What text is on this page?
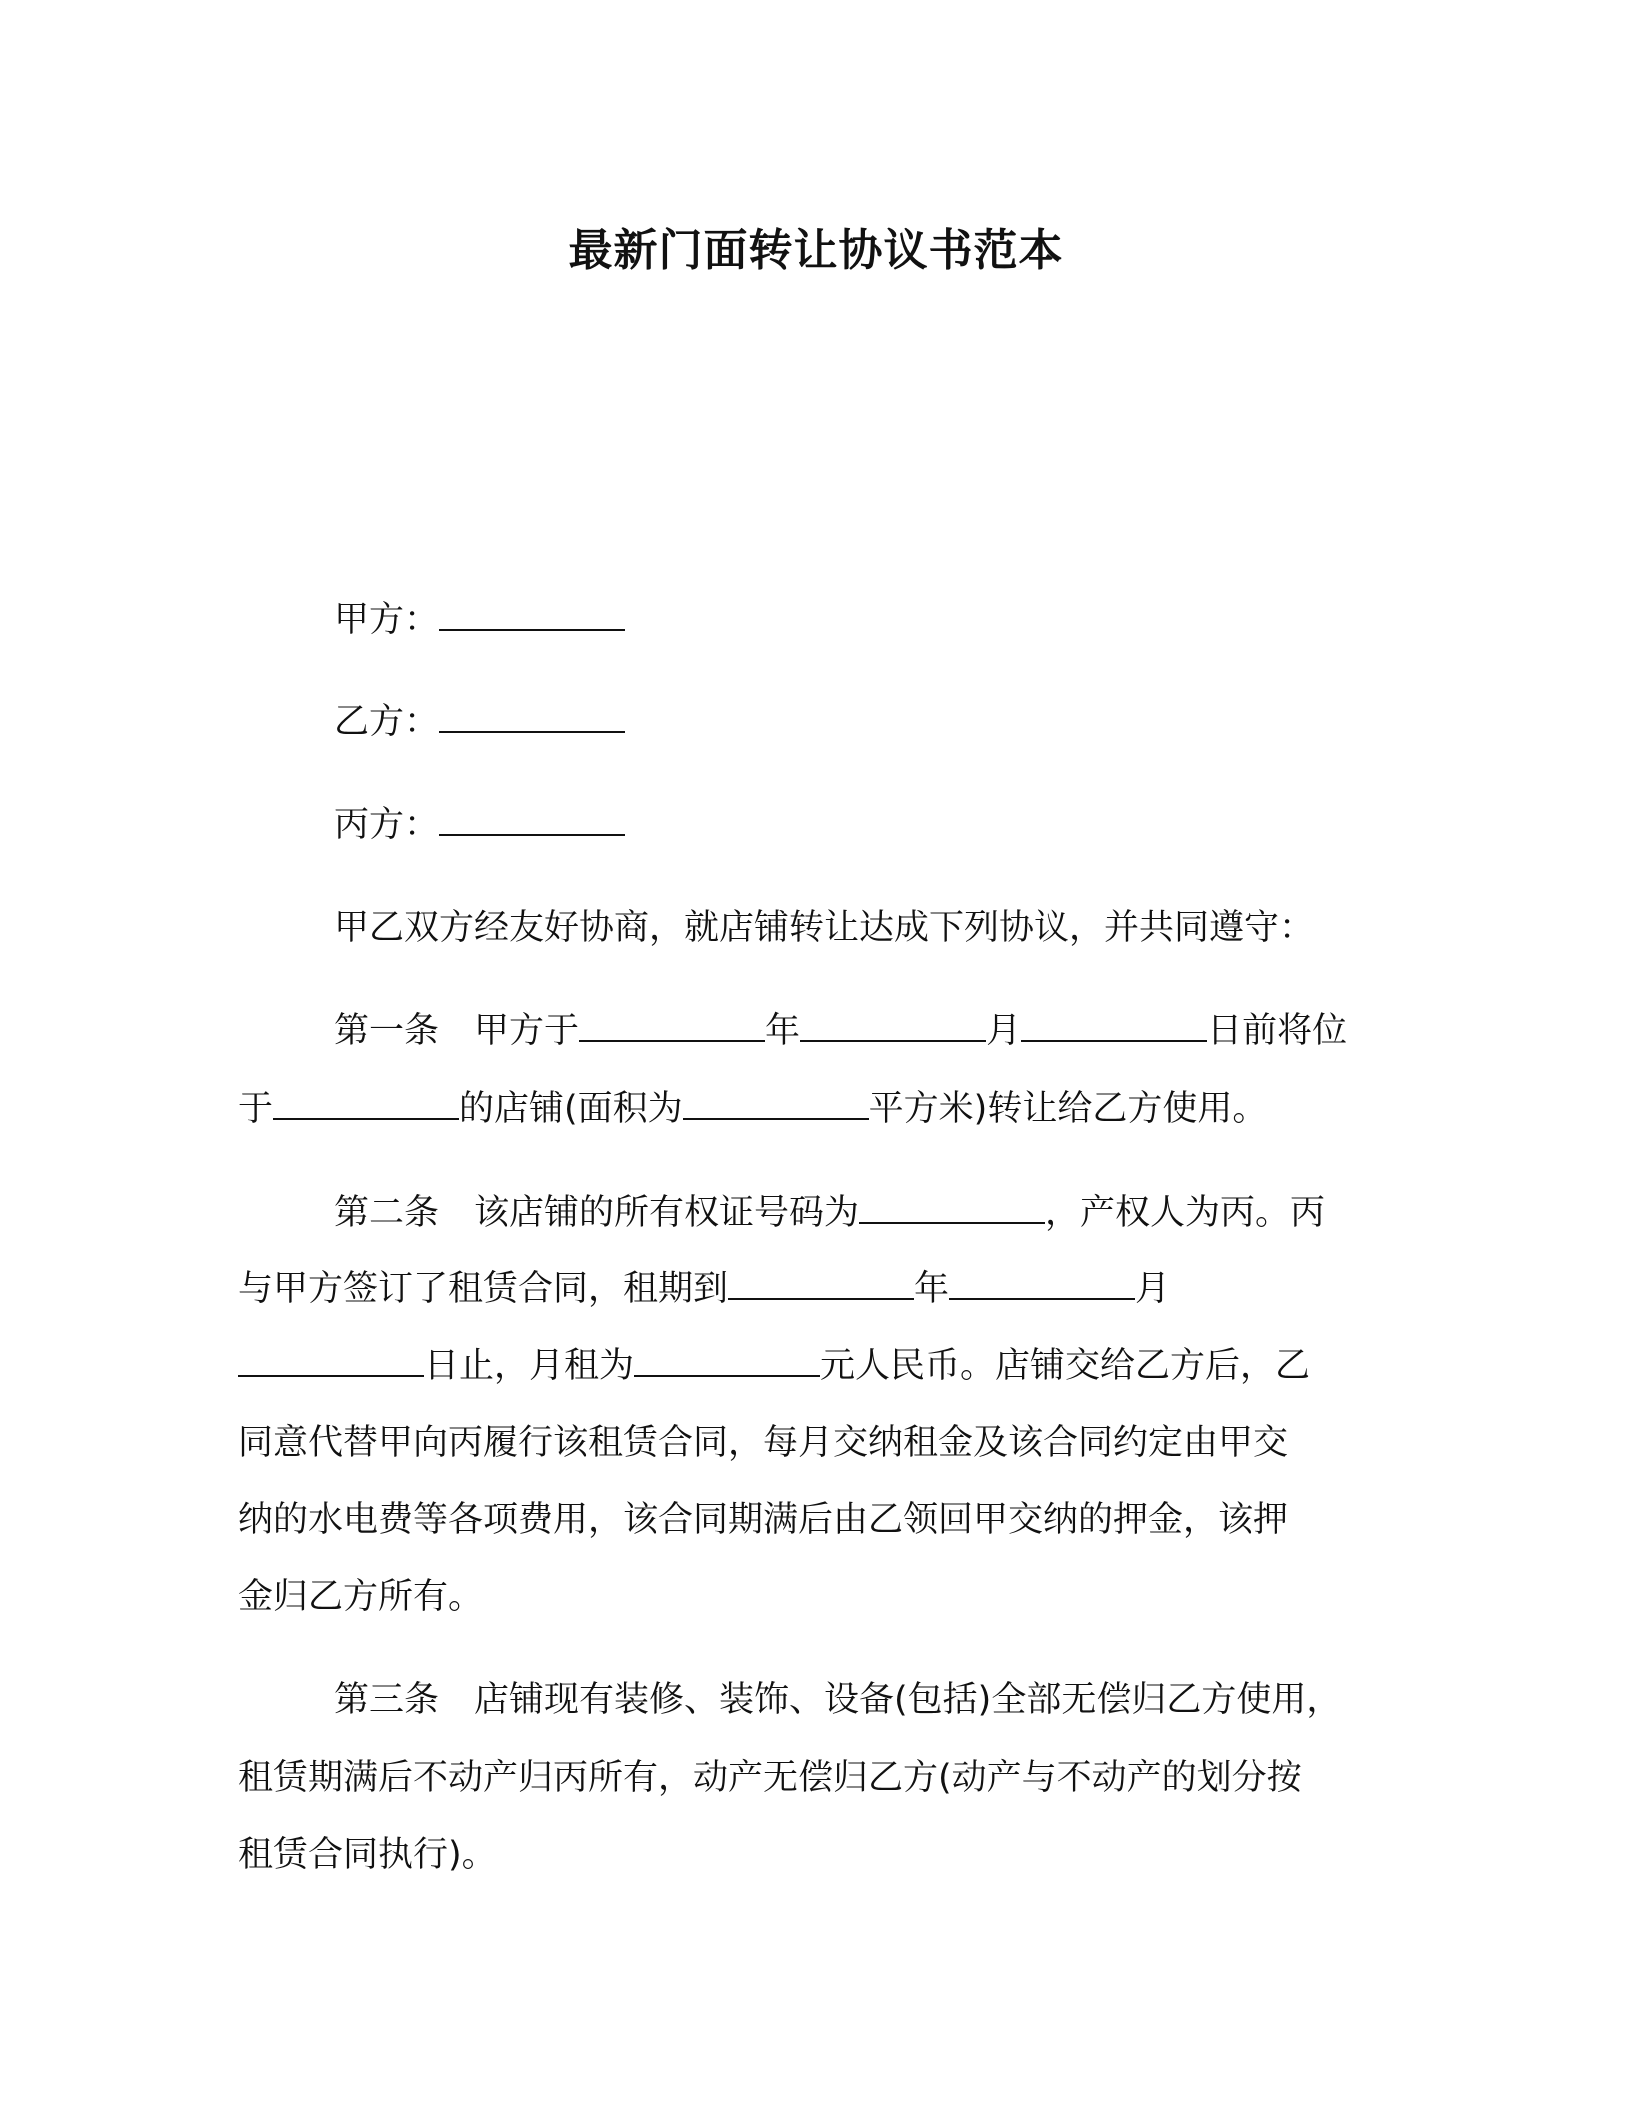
最新门面转让协议书范本

甲方：

乙方：

丙方：

甲乙双方经友好协商，就店铺转让达成下列协议，并共同遵守：

第一条　 甲方于	年	月	日前将位

于	的店铺(面积为	平方米)转让给乙方使用。

第二条　 该店铺的所有权证号码为	，产权人为丙。丙

与甲方签订了租赁合同，租期到	年	月

日止，月租为	元人民币。店铺交给乙方后，乙

同意代替甲向丙履行该租赁合同，每月交纳租金及该合同约定由甲交

纳的水电费等各项费用，该合同期满后由乙领回甲交纳的押金，该押

金归乙方所有。

第三条　 店铺现有装修、装饰、设备(包括)全部无偿归乙方使用，

租赁期满后不动产归丙所有，动产无偿归乙方(动产与不动产的划分按

租赁合同执行)。
